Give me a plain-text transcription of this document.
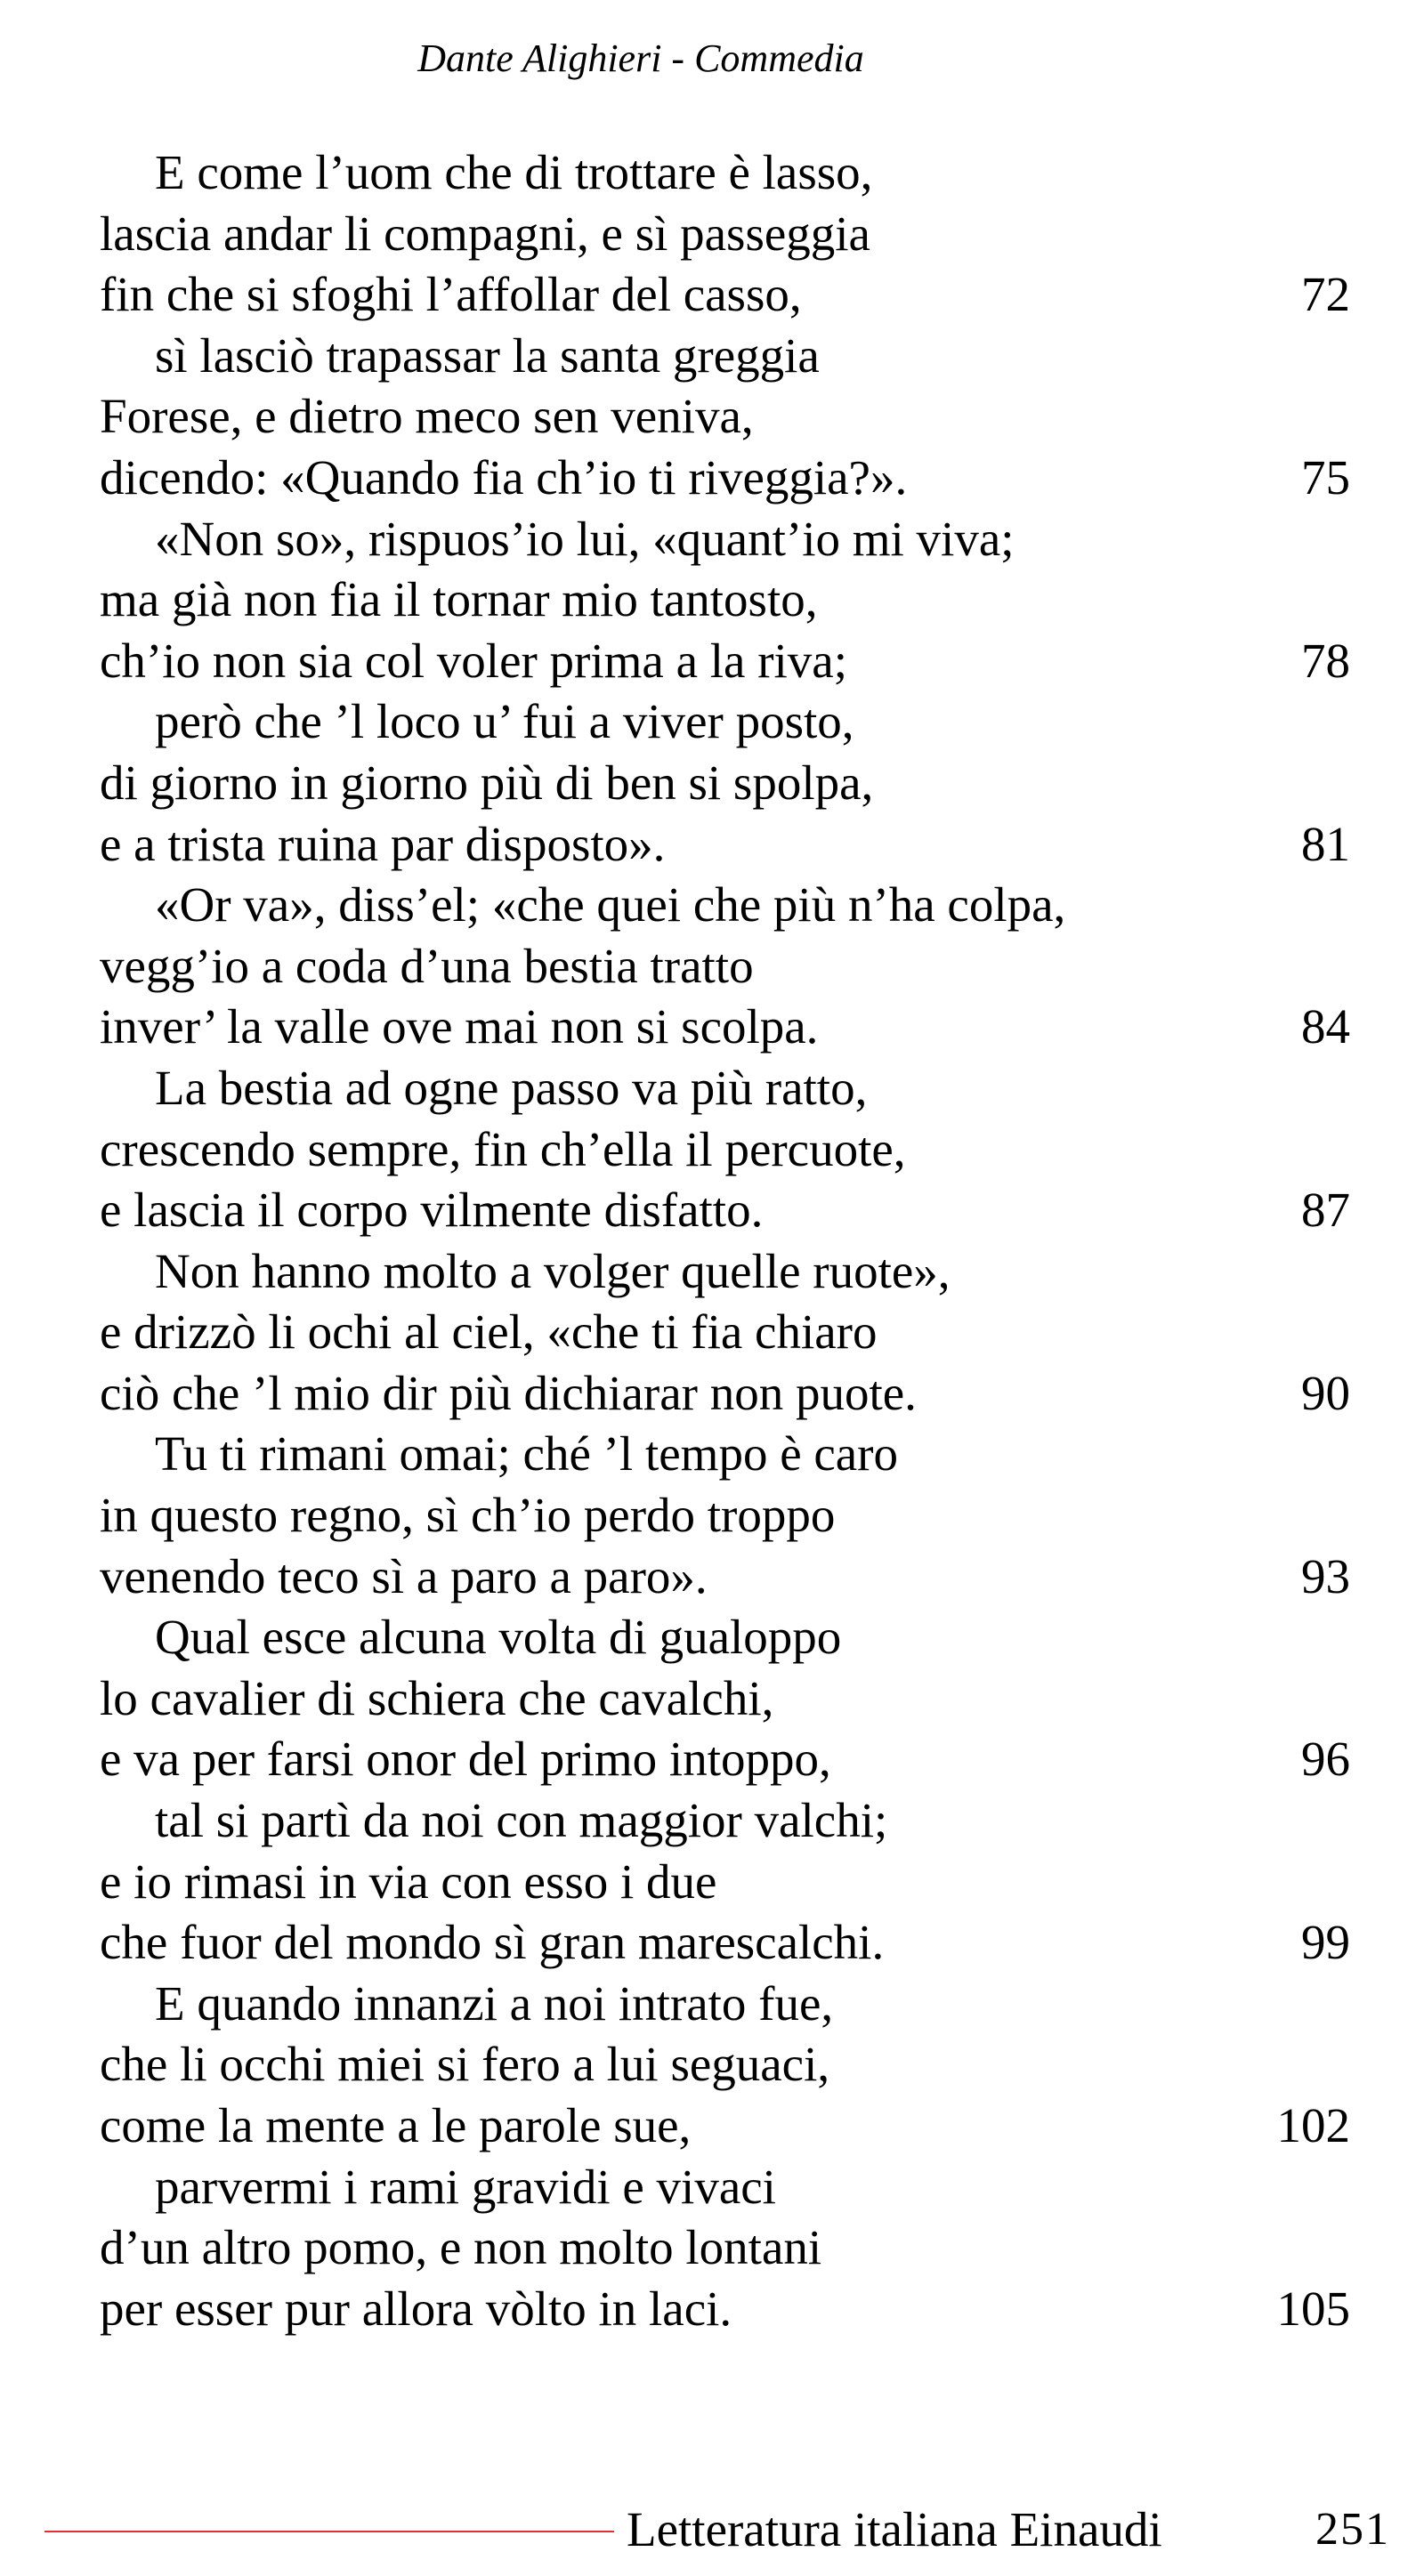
Dante Alighieri - Commedia
E come l’uom che di trottare è lasso,
lascia andar li compagni, e sì passeggia
fin che si sfoghi l’affollar del casso,	72
sì lasciò trapassar la santa greggia
Forese, e dietro meco sen veniva,
dicendo: «Quando fia ch’io ti riveggia?».	75
«Non so», rispuos’io lui, «quant’io mi viva;
ma già non fia il tornar mio tantosto,
ch’io non sia col voler prima a la riva;	78
però che ’l loco u’ fui a viver posto,
di giorno in giorno più di ben si spolpa,
e a trista ruina par disposto».	81
«Or va», diss’el; «che quei che più n’ha colpa,
vegg’io a coda d’una bestia tratto
inver’ la valle ove mai non si scolpa.	84
La bestia ad ogne passo va più ratto,
crescendo sempre, fin ch’ella il percuote,
e lascia il corpo vilmente disfatto.	87
Non hanno molto a volger quelle ruote»,
e drizzò li ochi al ciel, «che ti fia chiaro
ciò che ’l mio dir più dichiarar non puote.	90
Tu ti rimani omai; ché ’l tempo è caro
in questo regno, sì ch’io perdo troppo
venendo teco sì a paro a paro».	93
Qual esce alcuna volta di gualoppo
lo cavalier di schiera che cavalchi,
e va per farsi onor del primo intoppo,	96
tal si partì da noi con maggior valchi;
e io rimasi in via con esso i due
che fuor del mondo sì gran marescalchi.	99
E quando innanzi a noi intrato fue,
che li occhi miei si fero a lui seguaci,
come la mente a le parole sue,	102
parvermi i rami gravidi e vivaci
d’un altro pomo, e non molto lontani
per esser pur allora vòlto in laci.	105
Letteratura italiana Einaudi	251
